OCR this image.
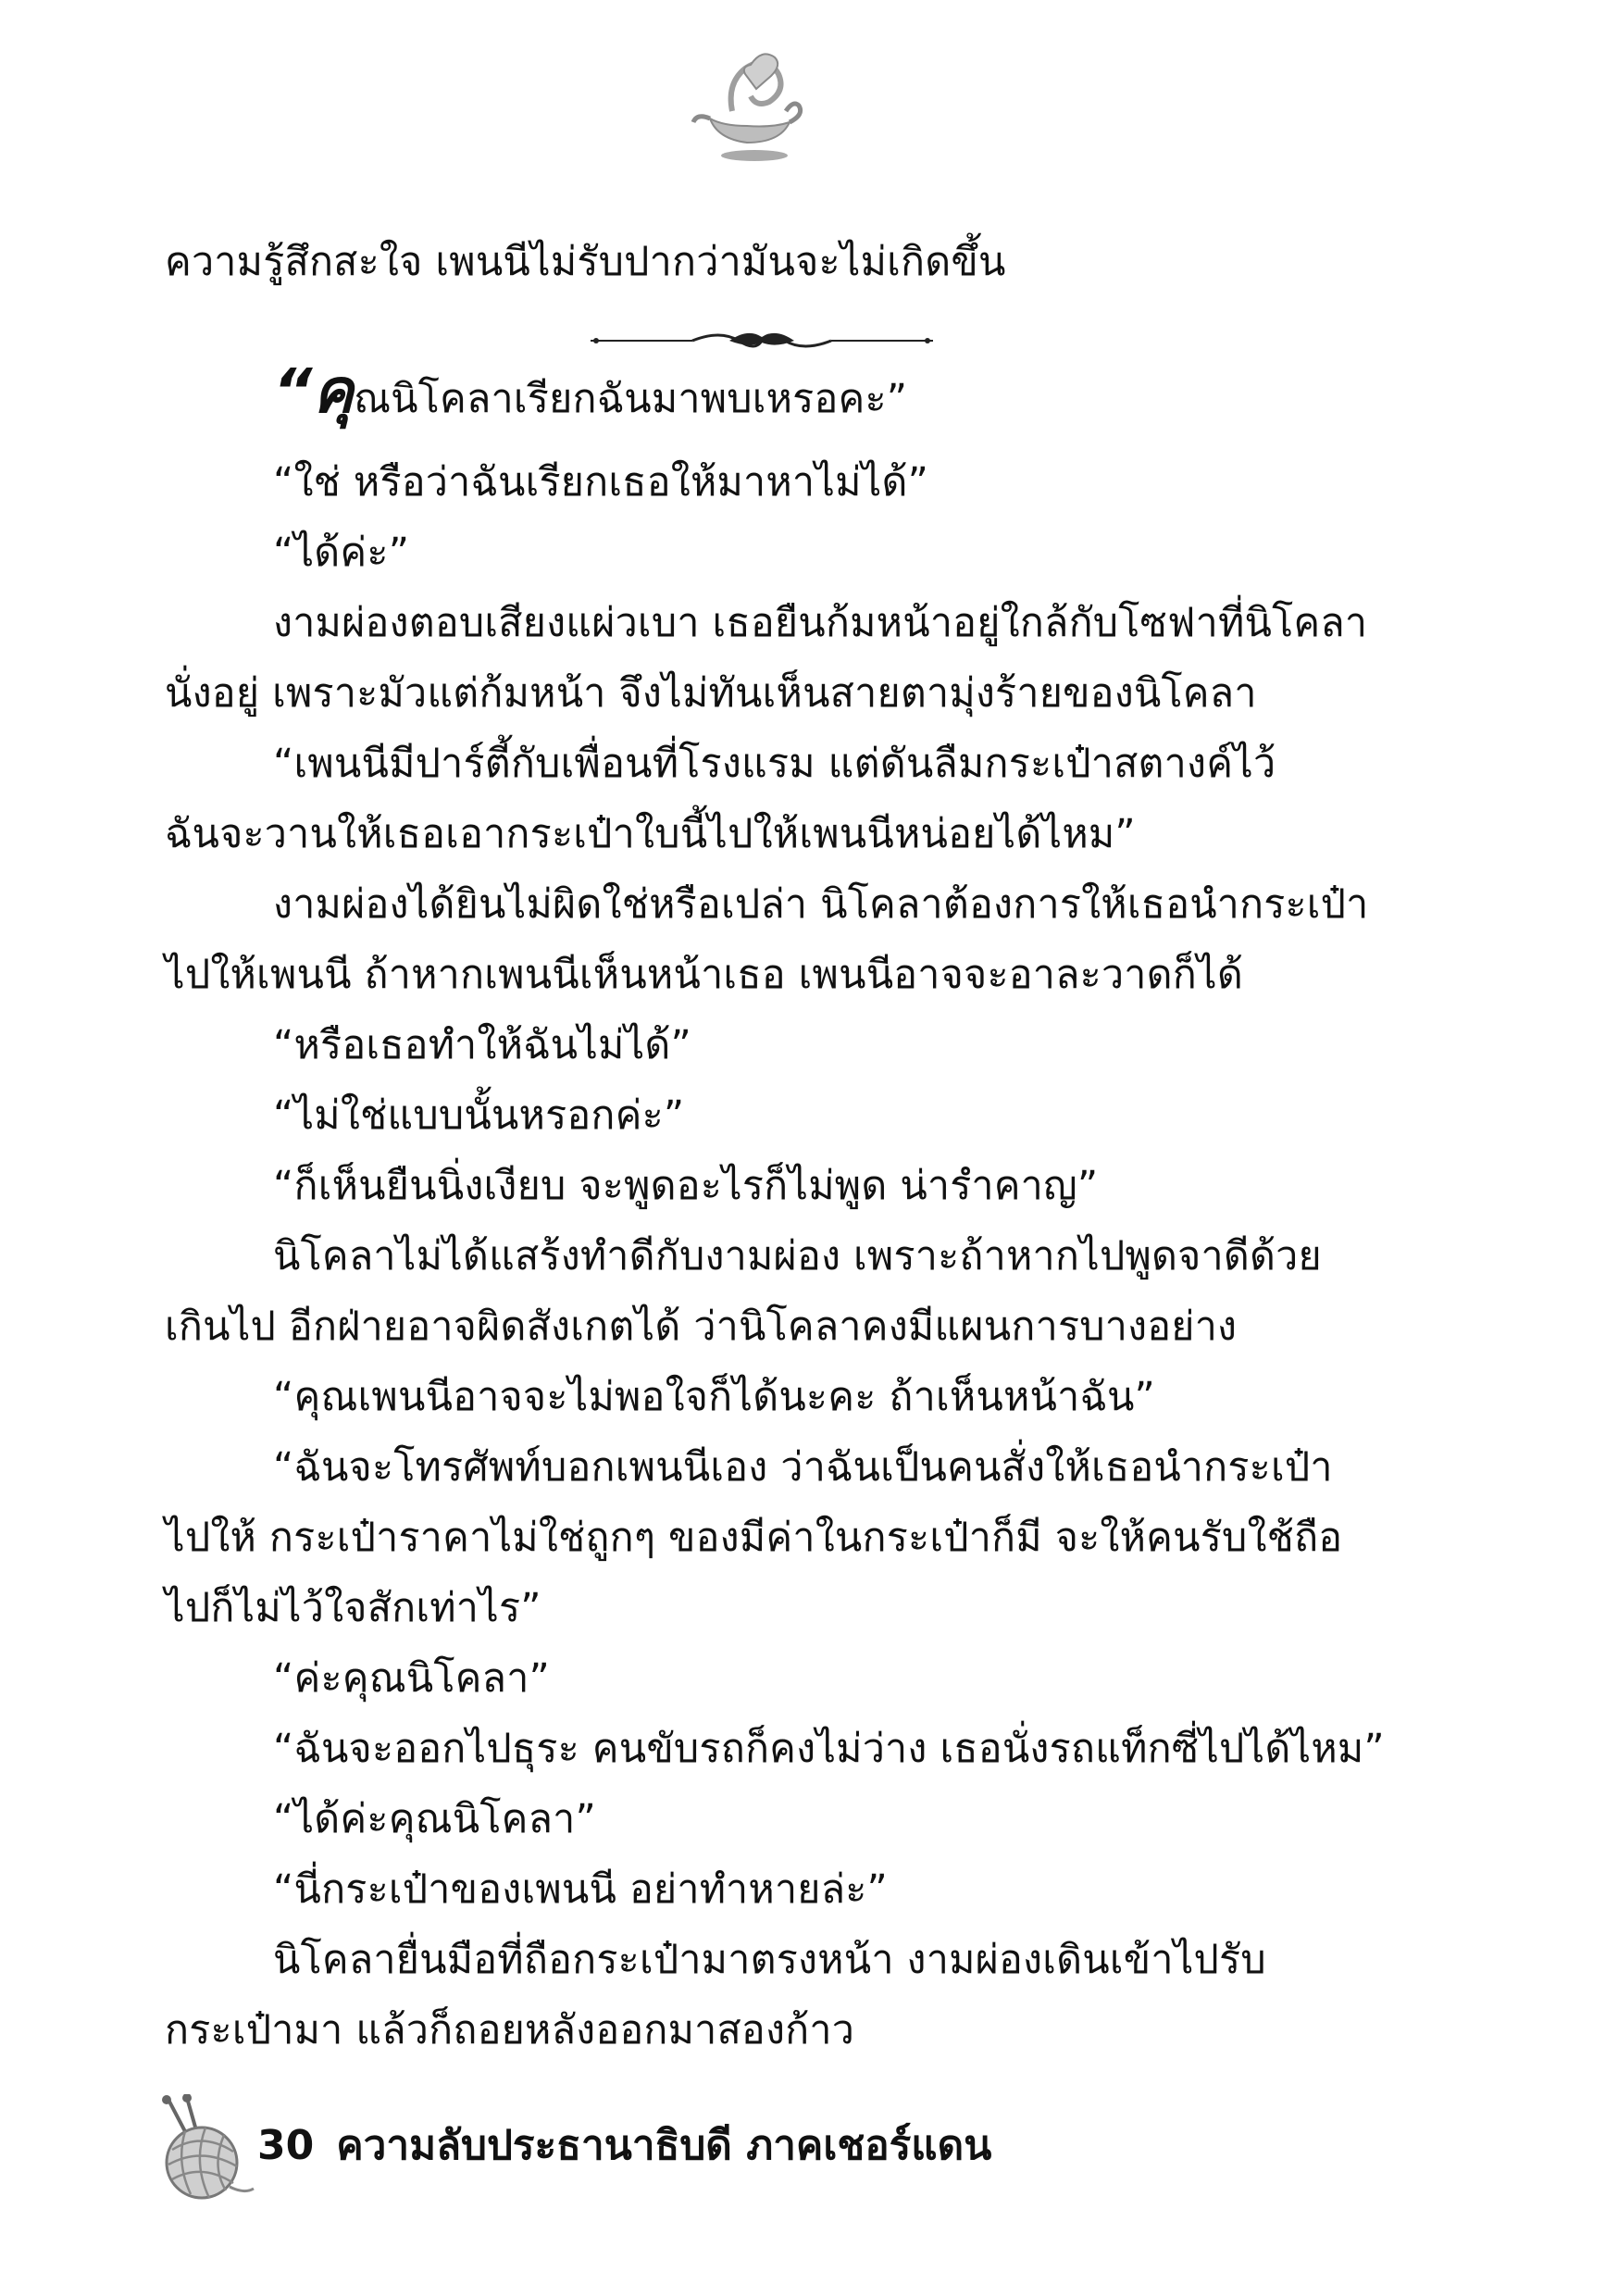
ความรู้สึกสะใจ เพนนีไม่รับปากว่ามันจะไม่เกิดขึ้น
“คุณนิโคลาเรียกฉันมาพบเหรอคะ”
“ใช่ หรือว่าฉันเรียกเธอให้มาหาไม่ได้”
“ได้ค่ะ”
งามผ่องตอบเสียงแผ่วเบา เธอยืนก้มหน้าอยู่ใกล้กับโซฟาที่นิโคลา
นั่งอยู่ เพราะมัวแต่ก้มหน้า จึงไม่ทันเห็นสายตามุ่งร้ายของนิโคลา
“เพนนีมีปาร์ตี้กับเพื่อนที่โรงแรม แต่ดันลืมกระเป๋าสตางค์ไว้
ฉันจะวานให้เธอเอากระเป๋าใบนี้ไปให้เพนนีหน่อยได้ไหม”
งามผ่องได้ยินไม่ผิดใช่หรือเปล่า นิโคลาต้องการให้เธอนำกระเป๋า
ไปให้เพนนี ถ้าหากเพนนีเห็นหน้าเธอ เพนนีอาจจะอาละวาดก็ได้
“หรือเธอทำให้ฉันไม่ได้”
“ไม่ใช่แบบนั้นหรอกค่ะ”
“ก็เห็นยืนนิ่งเงียบ จะพูดอะไรก็ไม่พูด น่ารำคาญ”
นิโคลาไม่ได้แสร้งทำดีกับงามผ่อง เพราะถ้าหากไปพูดจาดีด้วย
เกินไป อีกฝ่ายอาจผิดสังเกตได้ ว่านิโคลาคงมีแผนการบางอย่าง
“คุณเพนนีอาจจะไม่พอใจก็ได้นะคะ ถ้าเห็นหน้าฉัน”
“ฉันจะโทรศัพท์บอกเพนนีเอง ว่าฉันเป็นคนสั่งให้เธอนำกระเป๋า
ไปให้ กระเป๋าราคาไม่ใช่ถูกๆ ของมีค่าในกระเป๋าก็มี จะให้คนรับใช้ถือ
ไปก็ไม่ไว้ใจสักเท่าไร”
“ค่ะคุณนิโคลา”
“ฉันจะออกไปธุระ คนขับรถก็คงไม่ว่าง เธอนั่งรถแท็กซี่ไปได้ไหม”
“ได้ค่ะคุณนิโคลา”
“นี่กระเป๋าของเพนนี อย่าทำหายล่ะ”
นิโคลายื่นมือที่ถือกระเป๋ามาตรงหน้า งามผ่องเดินเข้าไปรับ
กระเป๋ามา แล้วก็ถอยหลังออกมาสองก้าว
30 ความลับประธานาธิบดี ภาคเชอร์แดน
